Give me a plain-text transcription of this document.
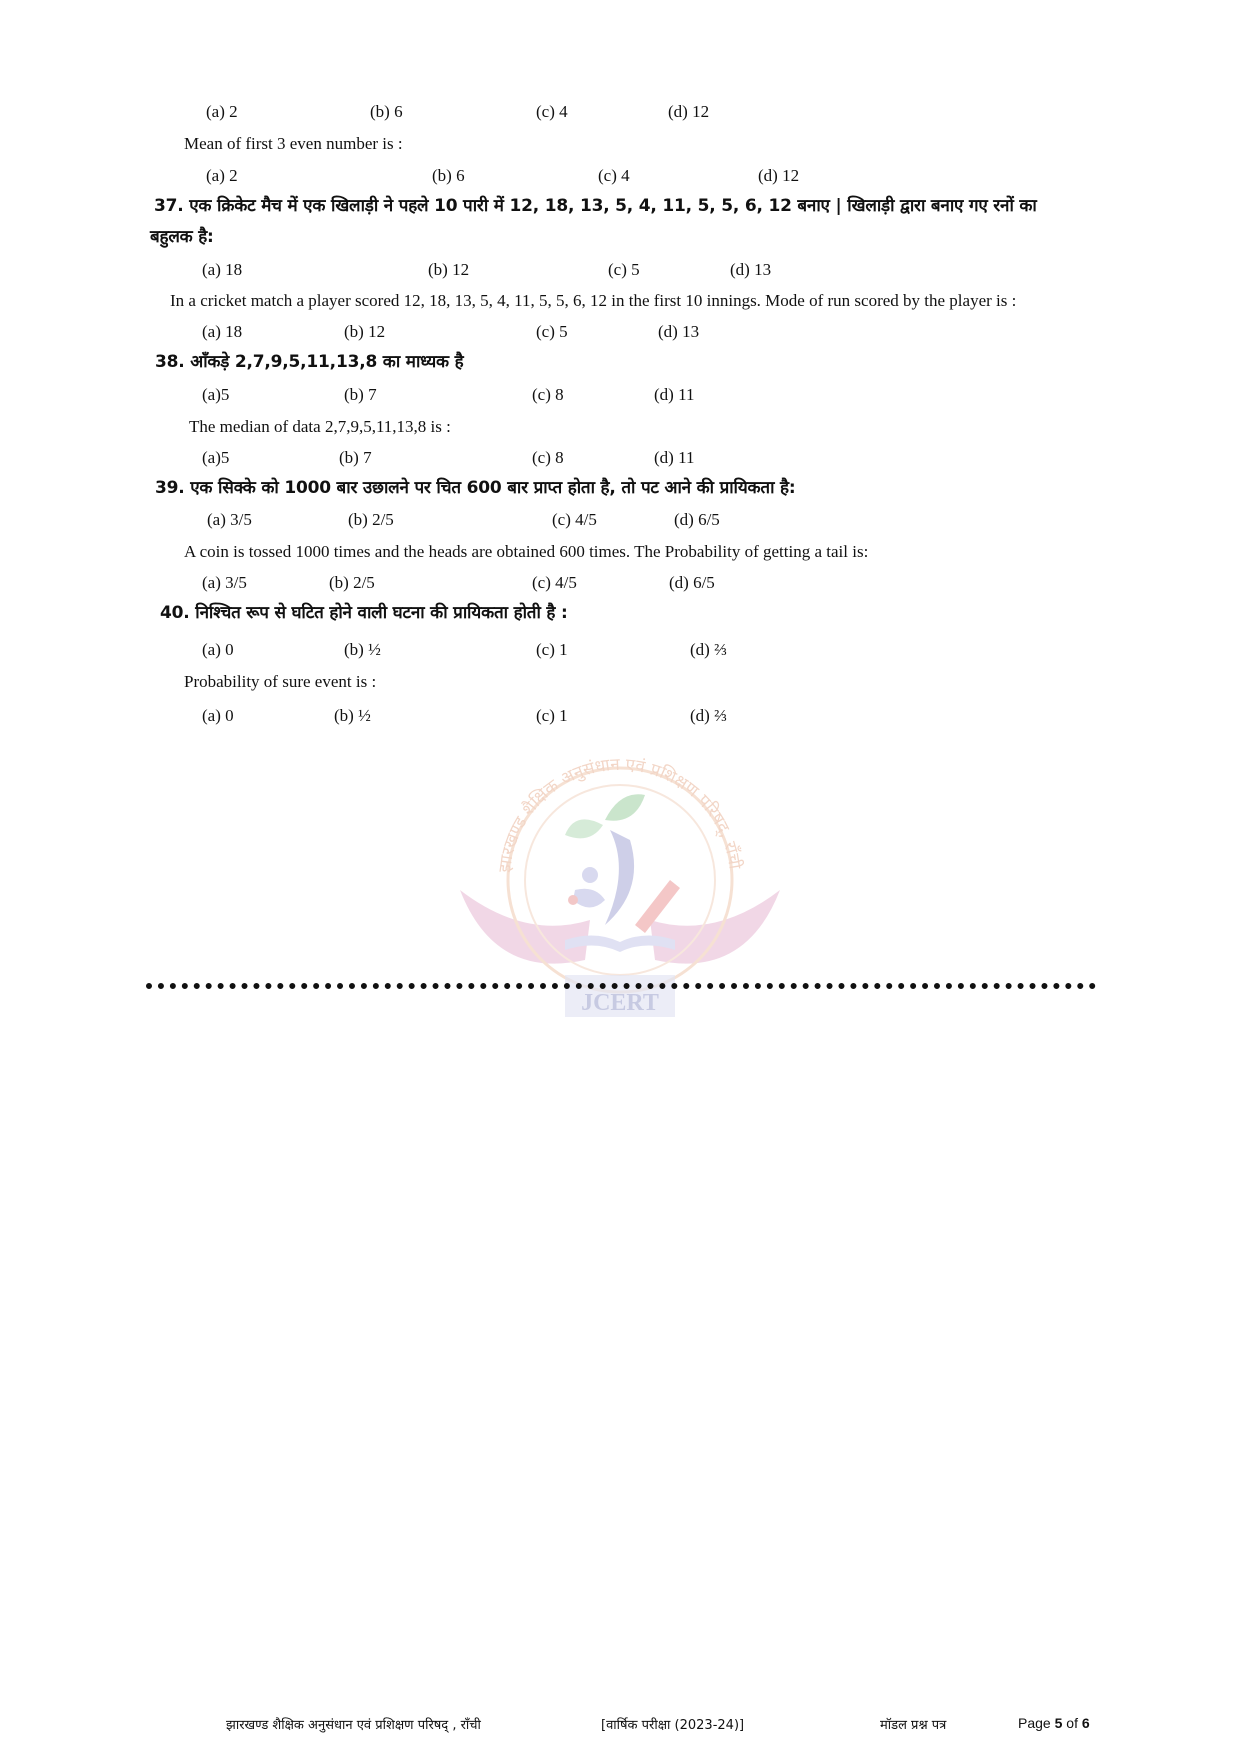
(a) 2	(b) 6	(c) 4	(d) 12
Mean of first 3 even number is :
(a) 2	(b) 6	(c) 4	(d) 12
37. एक क्रिकेट मैच में एक खिलाड़ी ने पहले 10 पारी में 12, 18, 13, 5, 4, 11, 5, 5, 6, 12 बनाए | खिलाड़ी द्वारा बनाए गए रनों का
बहुलक है:
(a) 18	(b) 12	(c) 5	(d) 13
In a cricket match a player scored 12, 18, 13, 5, 4, 11, 5, 5, 6, 12 in the first 10 innings. Mode of run scored by the player is :
(a) 18	(b) 12	(c) 5	(d) 13
38. आँकड़े 2,7,9,5,11,13,8 का माध्यक है
(a)5	(b) 7	(c) 8	(d) 11
The median of data 2,7,9,5,11,13,8 is :
(a)5	(b) 7	(c) 8	(d) 11
39. एक सिक्के को 1000 बार उछालने पर चित 600 बार प्राप्त होता है, तो पट आने की प्रायिकता है:
(a) 3/5	(b) 2/5	(c) 4/5	(d) 6/5
A coin is tossed 1000 times and the heads are obtained 600 times. The Probability of getting a tail is:
(a) 3/5	(b) 2/5	(c) 4/5	(d) 6/5
40. निश्चित रूप से घटित होने वाली घटना की प्रायिकता होती है :
(a) 0	(b) ½	(c) 1	(d) ⅔
Probability of sure event is :
(a) 0	(b) ½	(c) 1	(d) ⅔
झारखण्ड शैक्षिक अनुसंधान एवं प्रशिक्षण परिषद्, राँची
JCERT
झारखण्ड शैक्षिक अनुसंधान एवं प्रशिक्षण परिषद् , राँची	[वार्षिक परीक्षा (2023-24)]	मॉडल प्रश्न पत्र	Page 5 of 6
